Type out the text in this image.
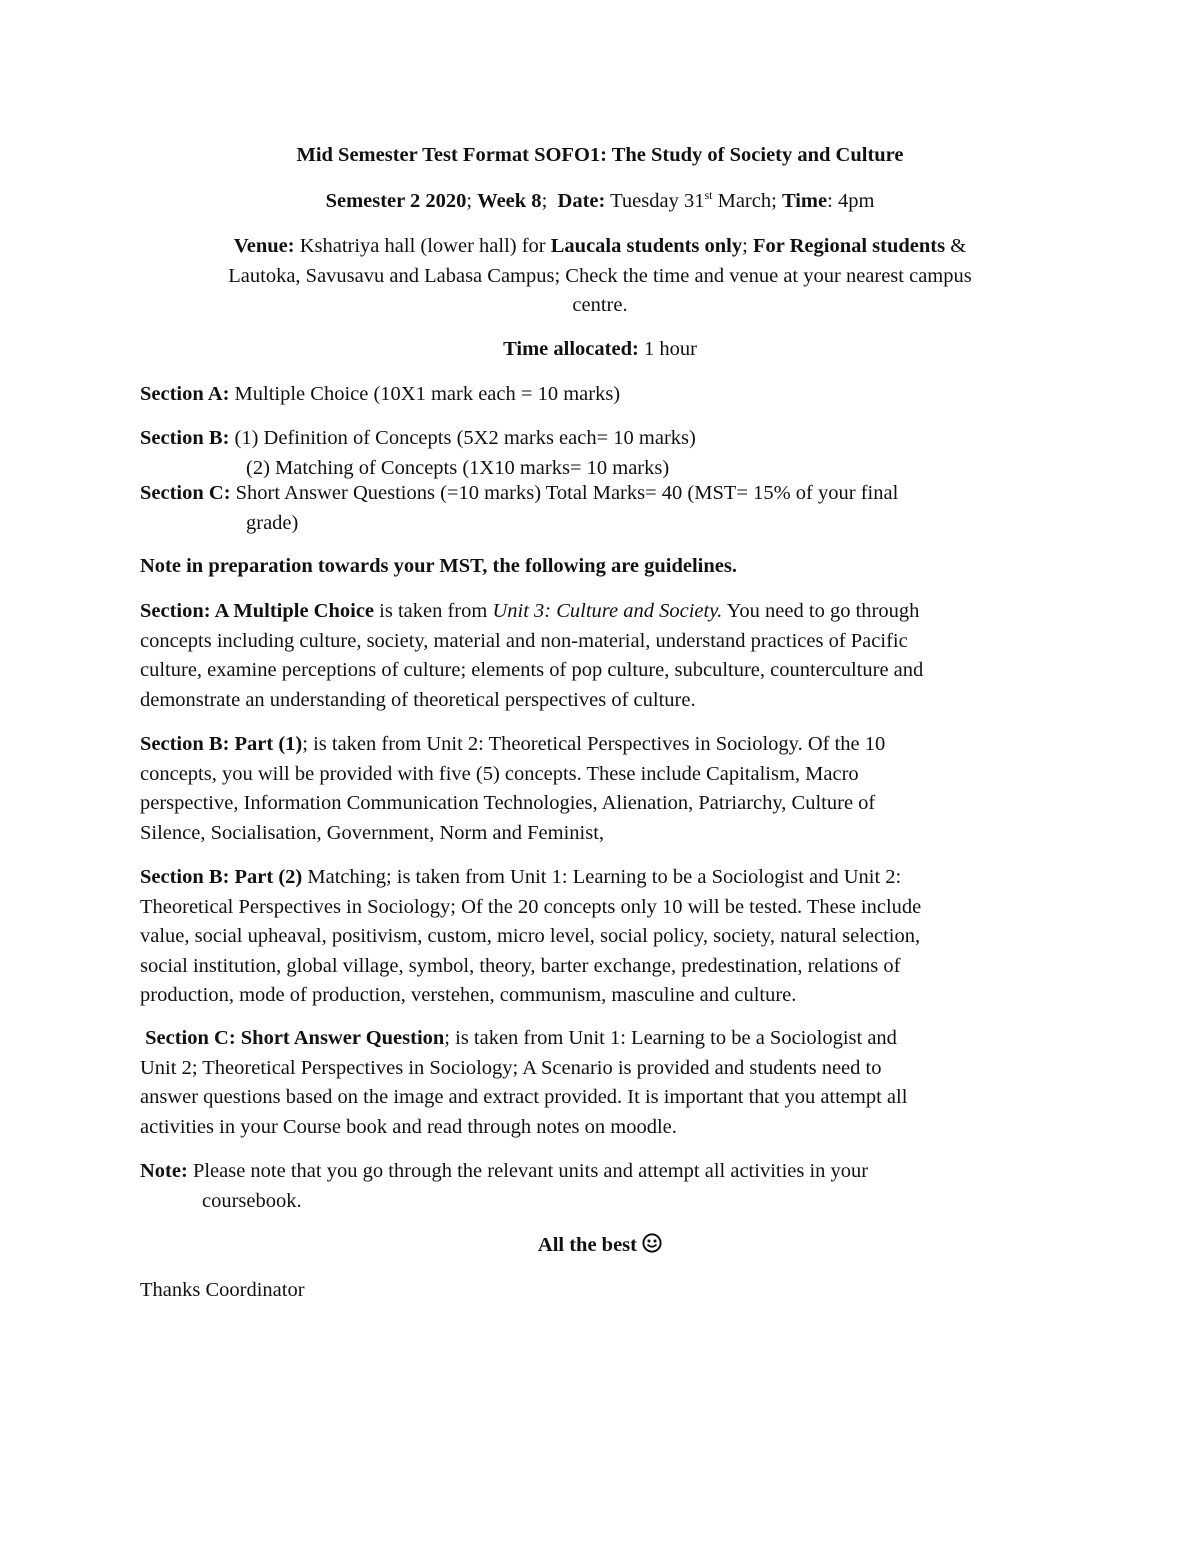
Mid Semester Test Format SOFO1: The Study of Society and Culture

Semester 2 2020; Week 8;  Date: Tuesday 31st March; Time: 4pm

Venue: Kshatriya hall (lower hall) for Laucala students only; For Regional students &
Lautoka, Savusavu and Labasa Campus; Check the time and venue at your nearest campus
centre.

Time allocated: 1 hour

Section A: Multiple Choice (10X1 mark each = 10 marks)

Section B: (1) Definition of Concepts (5X2 marks each= 10 marks)
(2) Matching of Concepts (1X10 marks= 10 marks)

Section C: Short Answer Questions (=10 marks) Total Marks= 40 (MST= 15% of your final
grade)

Note in preparation towards your MST, the following are guidelines.

Section: A Multiple Choice is taken from Unit 3: Culture and Society. You need to go through
concepts including culture, society, material and non-material, understand practices of Pacific
culture, examine perceptions of culture; elements of pop culture, subculture, counterculture and
demonstrate an understanding of theoretical perspectives of culture.

Section B: Part (1); is taken from Unit 2: Theoretical Perspectives in Sociology. Of the 10
concepts, you will be provided with five (5) concepts. These include Capitalism, Macro
perspective, Information Communication Technologies, Alienation, Patriarchy, Culture of
Silence, Socialisation, Government, Norm and Feminist,

Section B: Part (2) Matching; is taken from Unit 1: Learning to be a Sociologist and Unit 2:
Theoretical Perspectives in Sociology; Of the 20 concepts only 10 will be tested. These include
value, social upheaval, positivism, custom, micro level, social policy, society, natural selection,
social institution, global village, symbol, theory, barter exchange, predestination, relations of
production, mode of production, verstehen, communism, masculine and culture.

Section C: Short Answer Question; is taken from Unit 1: Learning to be a Sociologist and
Unit 2; Theoretical Perspectives in Sociology; A Scenario is provided and students need to
answer questions based on the image and extract provided. It is important that you attempt all
activities in your Course book and read through notes on moodle.

Note: Please note that you go through the relevant units and attempt all activities in your
coursebook.

All the best

Thanks Coordinator
